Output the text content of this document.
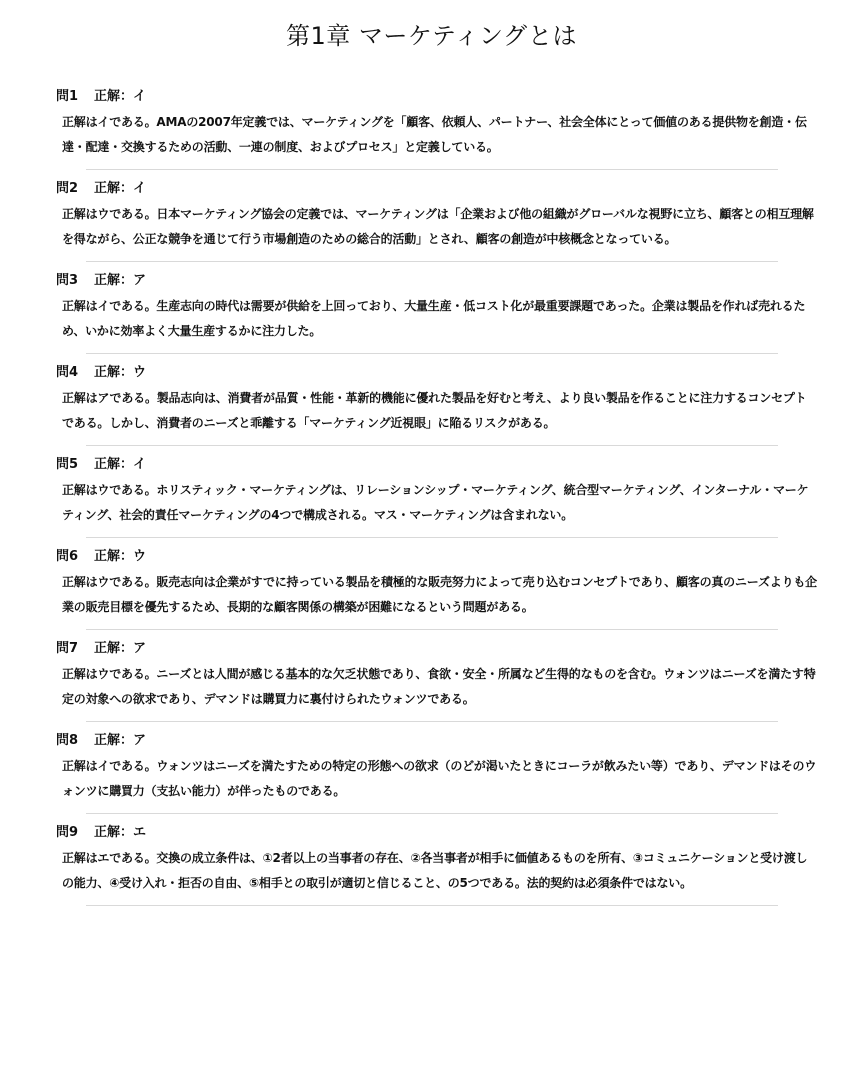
第1章 マーケティングとは
問1 正解：イ
正解はイである。AMAの2007年定義では、マーケティングを「顧客、依頼人、パートナー、社会全体にとって価値のある提供物を創造・伝達・配達・交換するための活動、一連の制度、およびプロセス」と定義している。
問2 正解：イ
正解はウである。日本マーケティング協会の定義では、マーケティングは「企業および他の組織がグローバルな視野に立ち、顧客との相互理解を得ながら、公正な競争を通じて行う市場創造のための総合的活動」とされ、顧客の創造が中核概念となっている。
問3 正解：ア
正解はイである。生産志向の時代は需要が供給を上回っており、大量生産・低コスト化が最重要課題であった。企業は製品を作れば売れるため、いかに効率よく大量生産するかに注力した。
問4 正解：ウ
正解はアである。製品志向は、消費者が品質・性能・革新的機能に優れた製品を好むと考え、より良い製品を作ることに注力するコンセプトである。しかし、消費者のニーズと乖離する「マーケティング近視眼」に陥るリスクがある。
問5 正解：イ
正解はウである。ホリスティック・マーケティングは、リレーションシップ・マーケティング、統合型マーケティング、インターナル・マーケティング、社会的責任マーケティングの4つで構成される。マス・マーケティングは含まれない。
問6 正解：ウ
正解はウである。販売志向は企業がすでに持っている製品を積極的な販売努力によって売り込むコンセプトであり、顧客の真のニーズよりも企業の販売目標を優先するため、長期的な顧客関係の構築が困難になるという問題がある。
問7 正解：ア
正解はウである。ニーズとは人間が感じる基本的な欠乏状態であり、食欲・安全・所属など生得的なものを含む。ウォンツはニーズを満たす特定の対象への欲求であり、デマンドは購買力に裏付けられたウォンツである。
問8 正解：ア
正解はイである。ウォンツはニーズを満たすための特定の形態への欲求（のどが渇いたときにコーラが飲みたい等）であり、デマンドはそのウォンツに購買力（支払い能力）が伴ったものである。
問9 正解：エ
正解はエである。交換の成立条件は、①2者以上の当事者の存在、②各当事者が相手に価値あるものを所有、③コミュニケーションと受け渡しの能力、④受け入れ・拒否の自由、⑤相手との取引が適切と信じること、の5つである。法的契約は必須条件ではない。
